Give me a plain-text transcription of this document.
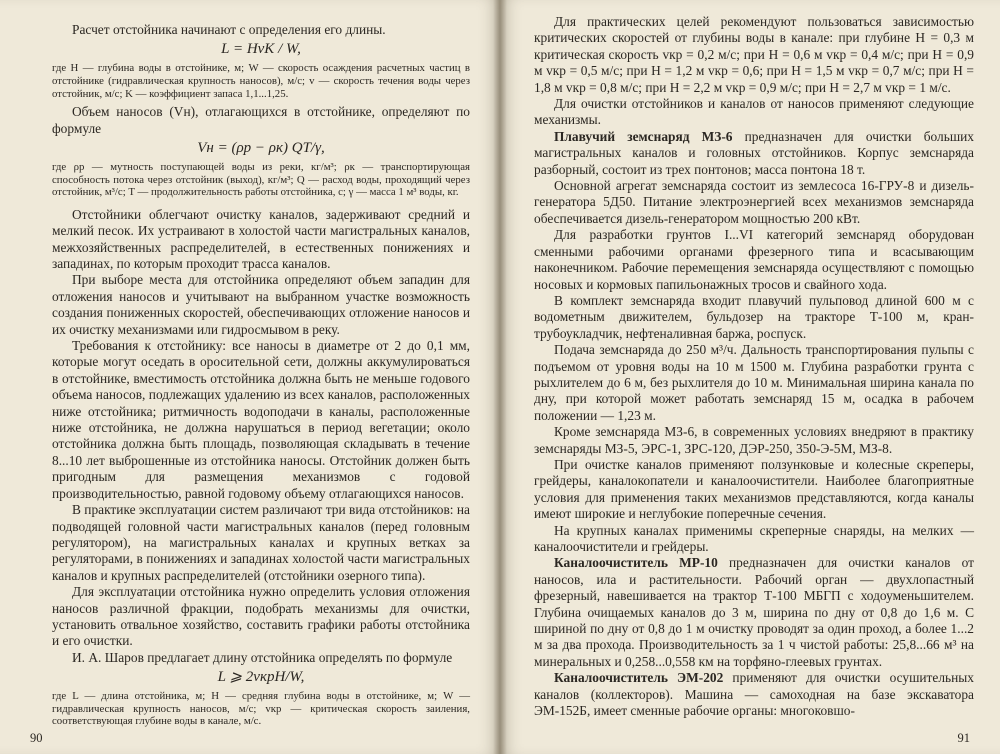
Расчет отстойника начинают с определения его длины.

L = HvK / W,

где H — глубина воды в отстойнике, м; W — скорость осаждения расчетных частиц в отстойнике (гидравлическая крупность наносов), м/с; v — скорость течения воды через отстойник, м/с; K — коэффициент запаса 1,1...1,25.

Объем наносов (Vн), отлагающихся в отстойнике, определяют по формуле

Vн = (ρр − ρк) QT/γ,

где ρр — мутность поступающей воды из реки, кг/м³; ρк — транспортирующая способность потока через отстойник (выход), кг/м³; Q — расход воды, проходящий через отстойник, м³/с; T — продолжительность работы отстойника, с; γ — масса 1 м³ воды, кг.

Отстойники облегчают очистку каналов, задерживают средний и мелкий песок. Их устраивают в холостой части магистральных каналов, межхозяйственных распределителей, в естественных понижениях и западинах, по которым проходит трасса каналов.

При выборе места для отстойника определяют объем западин для отложения наносов и учитывают на выбранном участке возможность создания пониженных скоростей, обеспечивающих отложение наносов и их очистку механизмами или гидросмывом в реку.

Требования к отстойнику: все наносы в диаметре от 2 до 0,1 мм, которые могут оседать в оросительной сети, должны аккумулироваться в отстойнике, вместимость отстойника должна быть не меньше годового объема наносов, подлежащих удалению из всех каналов, расположенных ниже отстойника; ритмичность водоподачи в каналы, расположенные ниже отстойника, не должна нарушаться в период вегетации; около отстойника должна быть площадь, позволяющая складывать в течение 8...10 лет выброшенные из отстойника наносы. Отстойник должен быть пригодным для размещения механизмов с годовой производительностью, равной годовому объему отлагающихся наносов.

В практике эксплуатации систем различают три вида отстойников: на подводящей головной части магистральных каналов (перед головным регулятором), на магистральных каналах и крупных ветках за регуляторами, в понижениях и западинах холостой части магистральных каналов и крупных распределителей (отстойники озерного типа).

Для эксплуатации отстойника нужно определить условия отложения наносов различной фракции, подобрать механизмы для очистки, установить отвальное хозяйство, составить графики работы отстойника и его очистки.

И. А. Шаров предлагает длину отстойника определять по формуле

L ⩾ 2vкрH/W,

где L — длина отстойника, м; H — средняя глубина воды в отстойнике, м; W — гидравлическая крупность наносов, м/с; vкр — критическая скорость заиления, соответствующая глубине воды в канале, м/с.

90

Для практических целей рекомендуют пользоваться зависимостью критических скоростей от глубины воды в канале: при глубине H = 0,3 м критическая скорость vкр = 0,2 м/с; при H = 0,6 м vкр = 0,4 м/с; при H = 0,9 м vкр = 0,5 м/с; при H = 1,2 м vкр = 0,6; при H = 1,5 м vкр = 0,7 м/с; при H = 1,8 м vкр = 0,8 м/с; при H = 2,2 м vкр = 0,9 м/с; при H = 2,7 м vкр = 1 м/с.

Для очистки отстойников и каналов от наносов применяют следующие механизмы.

Плавучий земснаряд МЗ-6 предназначен для очистки больших магистральных каналов и головных отстойников. Корпус земснаряда разборный, состоит из трех понтонов; масса понтона 18 т.

Основной агрегат земснаряда состоит из землесоса 16-ГРУ-8 и дизель-генератора 5Д50. Питание электроэнергией всех механизмов земснаряда обеспечивается дизель-генератором мощностью 200 кВт.

Для разработки грунтов I...VI категорий земснаряд оборудован сменными рабочими органами фрезерного типа и всасывающим наконечником. Рабочие перемещения земснаряда осуществляют с помощью носовых и кормовых папильонажных тросов и свайного хода.

В комплект земснаряда входит плавучий пульповод длиной 600 м с водометным движителем, бульдозер на тракторе Т-100 м, кран-трубоукладчик, нефтеналивная баржа, роспуск.

Подача земснаряда до 250 м³/ч. Дальность транспортирования пульпы с подъемом от уровня воды на 10 м 1500 м. Глубина разработки грунта с рыхлителем до 6 м, без рыхлителя до 10 м. Минимальная ширина канала по дну, при которой может работать земснаряд 15 м, осадка в рабочем положении — 1,23 м.

Кроме земснаряда МЗ-6, в современных условиях внедряют в практику земснаряды МЗ-5, ЭРС-1, ЗРС-120, ДЭР-250, 350-Э-5М, МЗ-8.

При очистке каналов применяют ползунковые и колесные скреперы, грейдеры, каналокопатели и каналоочистители. Наиболее благоприятные условия для применения таких механизмов представляются, когда каналы имеют широкие и неглубокие поперечные сечения.

На крупных каналах применимы скреперные снаряды, на мелких — каналоочистители и грейдеры.

Каналоочиститель МР-10 предназначен для очистки каналов от наносов, ила и растительности. Рабочий орган — двухлопастный фрезерный, навешивается на трактор Т-100 МБГП с ходоуменьшителем. Глубина очищаемых каналов до 3 м, ширина по дну от 0,8 до 1,6 м. С шириной по дну от 0,8 до 1 м очистку проводят за один проход, а более 1...2 м за два прохода. Производительность за 1 ч чистой работы: 25,8...66 м³ на минеральных и 0,258...0,558 км на торфяно-глеевых грунтах.

Каналоочиститель ЭМ-202 применяют для очистки осушительных каналов (коллекторов). Машина — самоходная на базе экскаватора ЭМ-152Б, имеет сменные рабочие органы: многоковшо-

91
